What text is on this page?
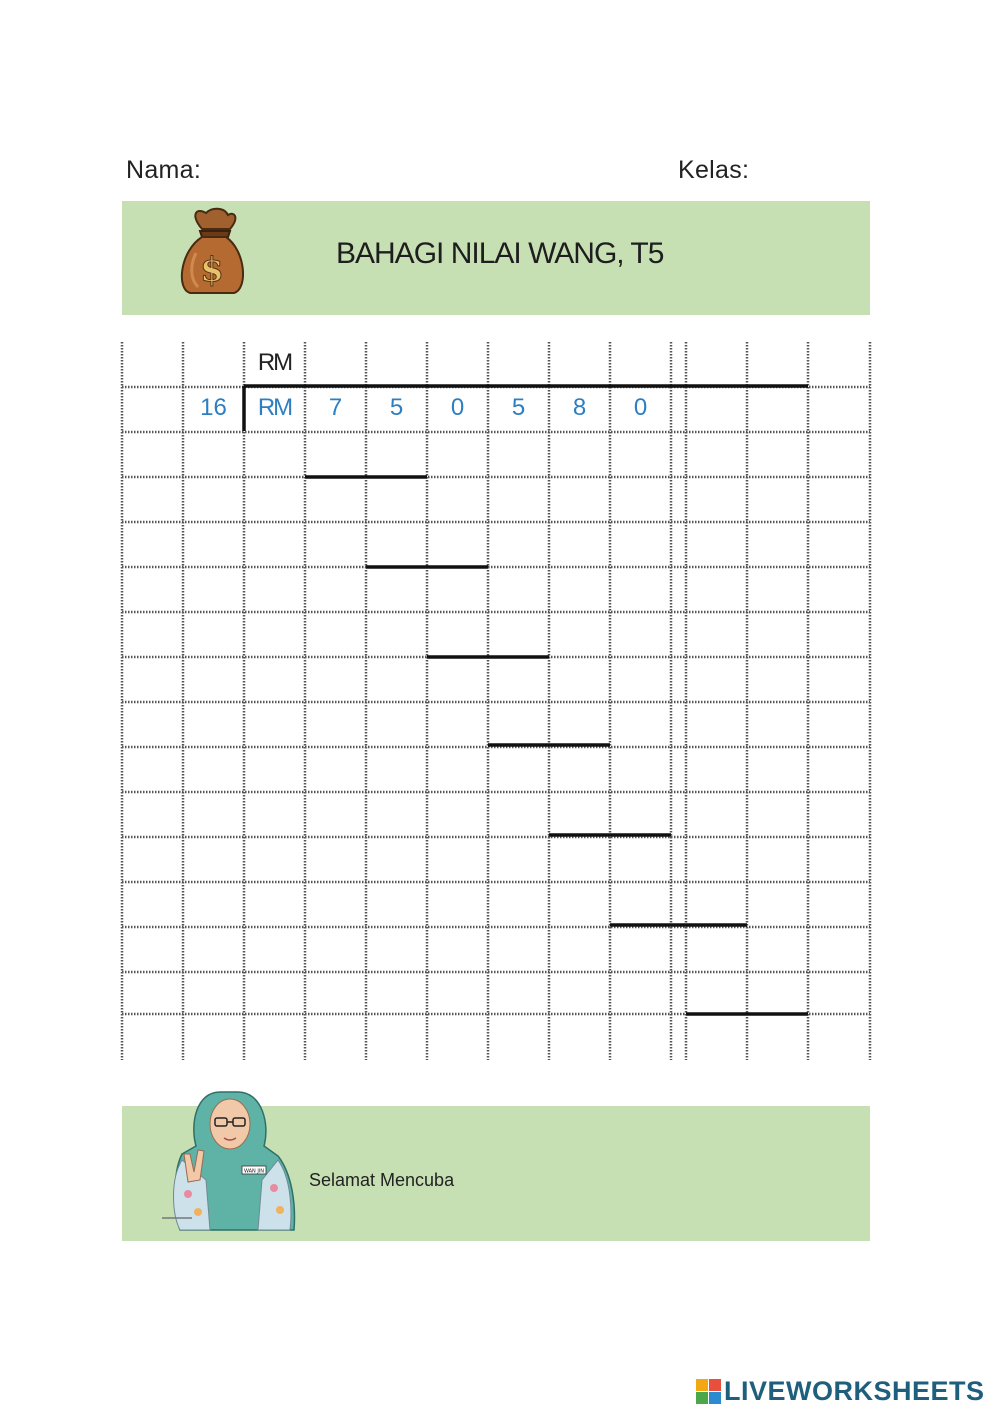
Nama:	Kelas:
$	BAHAGI NILAI WANG, T5
RM
16	RM	7	5	0	5	8	0
WAN JIN Selamat Mencuba
LIVEWORKSHEETS
